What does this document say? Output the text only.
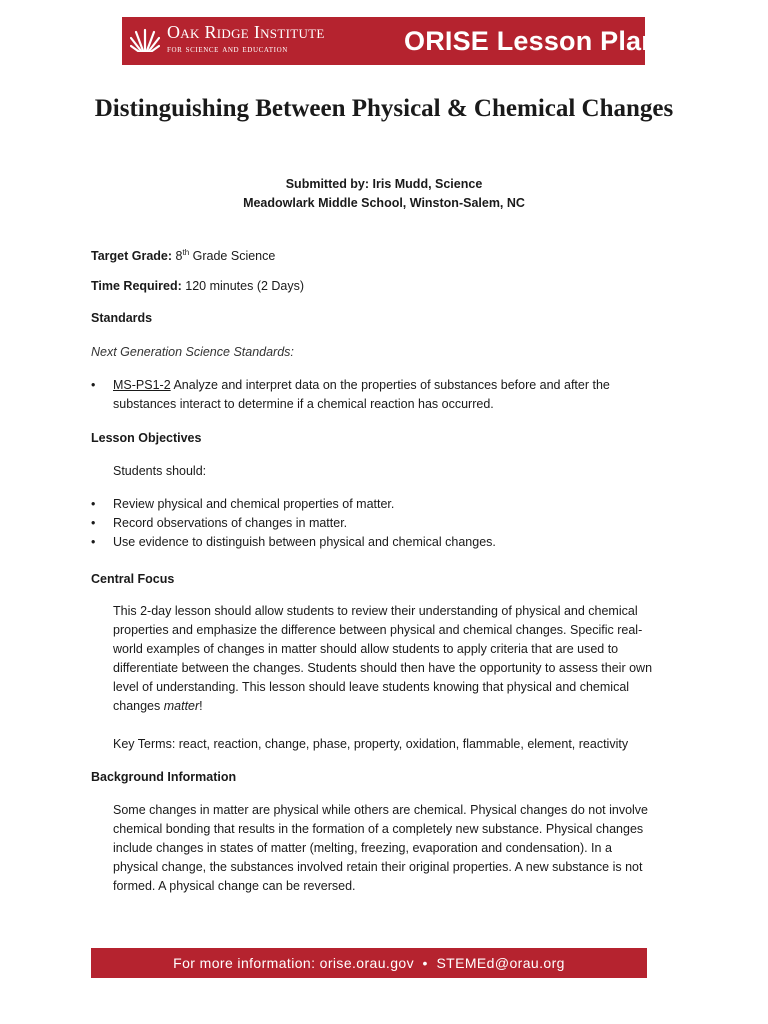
Oak Ridge Institute
for science and education	ORISE Lesson Plan
Distinguishing Between Physical & Chemical Changes
Submitted by: Iris Mudd, Science
Meadowlark Middle School, Winston-Salem, NC
Target Grade: 8th Grade Science
Time Required: 120 minutes (2 Days)
Standards
Next Generation Science Standards:
• MS-PS1-2 Analyze and interpret data on the properties of substances before and after the substances interact to determine if a chemical reaction has occurred.
Lesson Objectives
Students should:
• Review physical and chemical properties of matter.
• Record observations of changes in matter.
• Use evidence to distinguish between physical and chemical changes.
Central Focus
This 2-day lesson should allow students to review their understanding of physical and chemical properties and emphasize the difference between physical and chemical changes. Specific real-world examples of changes in matter should allow students to apply criteria that are used to differentiate between the changes. Students should then have the opportunity to assess their own level of understanding. This lesson should leave students knowing that physical and chemical changes matter!
Key Terms: react, reaction, change, phase, property, oxidation, flammable, element, reactivity
Background Information
Some changes in matter are physical while others are chemical. Physical changes do not involve chemical bonding that results in the formation of a completely new substance. Physical changes include changes in states of matter (melting, freezing, evaporation and condensation). In a physical change, the substances involved retain their original properties. A new substance is not formed. A physical change can be reversed.
For more information: orise.orau.gov  •  STEMEd@orau.org
